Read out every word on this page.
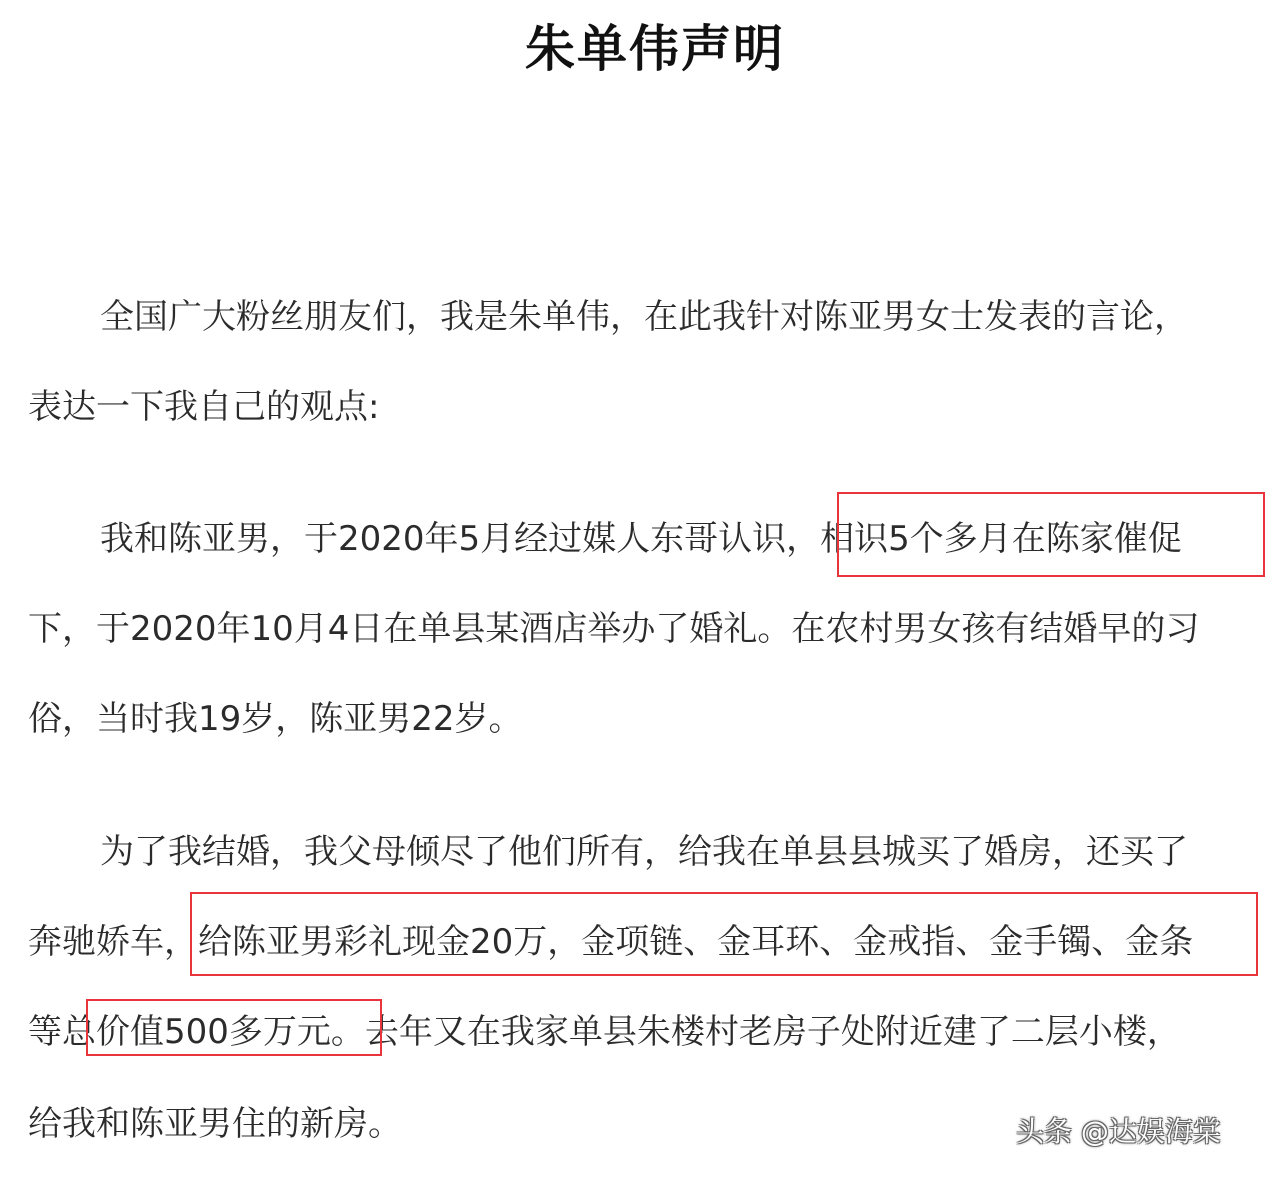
朱单伟声明
全国广大粉丝朋友们，我是朱单伟，在此我针对陈亚男女士发表的言论，
表达一下我自己的观点:
我和陈亚男，于2020年5月经过媒人东哥认识，相识5个多月在陈家催促
下，于2020年10月4日在单县某酒店举办了婚礼。在农村男女孩有结婚早的习
俗，当时我19岁，陈亚男22岁。
为了我结婚，我父母倾尽了他们所有，给我在单县县城买了婚房，还买了
奔驰娇车，给陈亚男彩礼现金20万，金项链、金耳环、金戒指、金手镯、金条
等总价值500多万元。去年又在我家单县朱楼村老房子处附近建了二层小楼，
给我和陈亚男住的新房。	头条 @达娱海棠
